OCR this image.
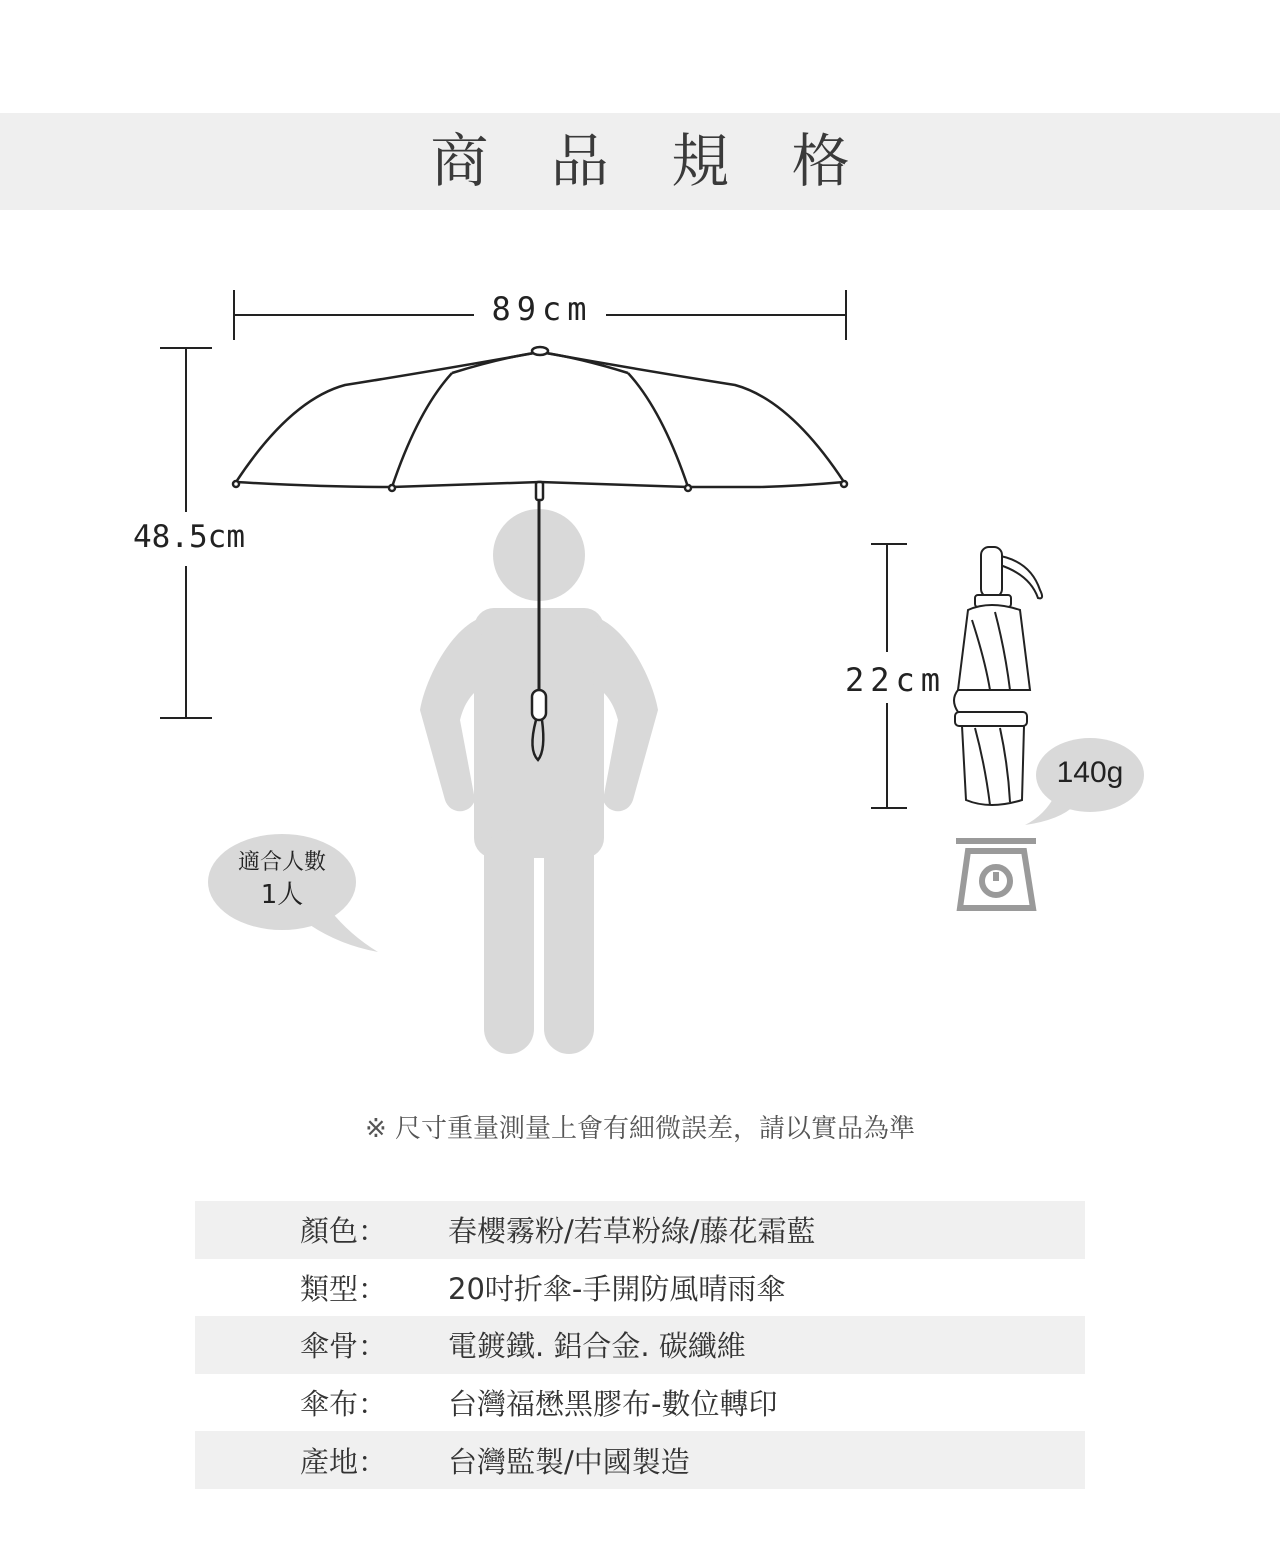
商 品 規 格
89cm
48.5cm
22cm
140g
適合人數
1人
※ 尺寸重量測量上會有細微誤差，請以實品為準
顏色：	春櫻霧粉/若草粉綠/藤花霜藍
類型：	20吋折傘-手開防風晴雨傘
傘骨：	電鍍鐵. 鋁合金. 碳纖維
傘布：	台灣福懋黑膠布-數位轉印
產地：	台灣監製/中國製造
